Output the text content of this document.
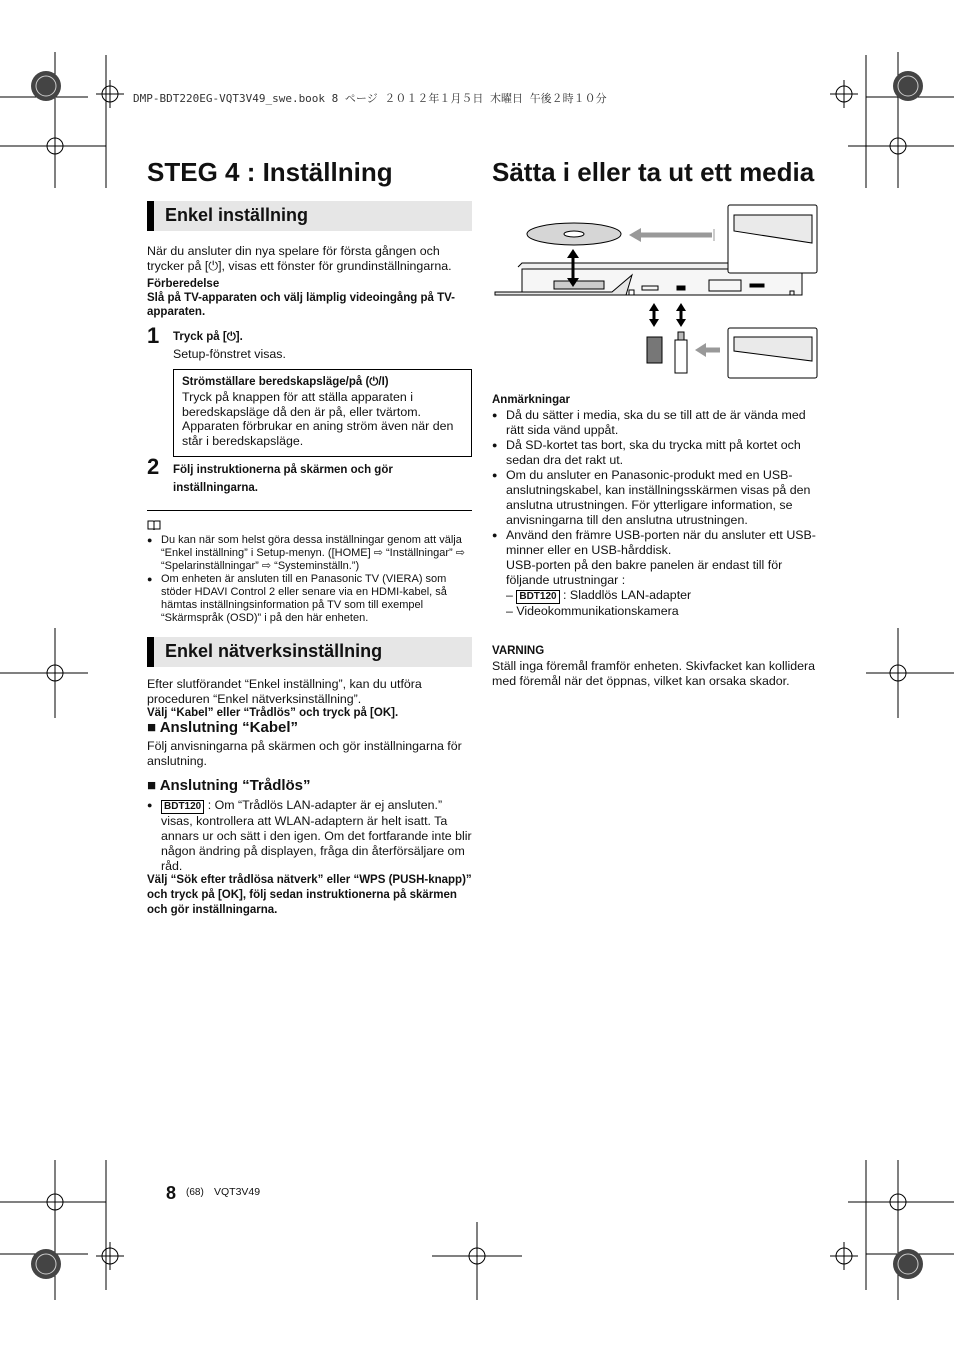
DMP-BDT220EG-VQT3V49_swe.book 8 ページ ２０１２年１月５日 木曜日 午後２時１０分
STEG 4 : Inställning
Enkel inställning
När du ansluter din nya spelare för första gången och trycker på [⏻], visas ett fönster för grundinställningarna.
Förberedelse
Slå på TV-apparaten och välj lämplig videoingång på TV-apparaten.
1 Tryck på [⏻].
Setup-fönstret visas.
Strömställare beredskapsläge/på (⏻/I)
Tryck på knappen för att ställa apparaten i beredskapsläge då den är på, eller tvärtom. Apparaten förbrukar en aning ström även när den står i beredskapsläge.
2 Följ instruktionerna på skärmen och gör inställningarna.
● Du kan när som helst göra dessa inställningar genom att välja “Enkel inställning” i Setup-menyn. ([HOME] ⇨ “Inställningar” ⇨ “Spelarinställningar” ⇨ “Systeminställn.”)
● Om enheten är ansluten till en Panasonic TV (VIERA) som stöder HDAVI Control 2 eller senare via en HDMI-kabel, så hämtas inställningsinformation på TV som till exempel “Skärmspråk (OSD)” i på den här enheten.
Enkel nätverksinställning
Efter slutförandet “Enkel inställning”, kan du utföra proceduren “Enkel nätverksinställning”.
Välj “Kabel” eller “Trådlös” och tryck på [OK].
■ Anslutning “Kabel”
Följ anvisningarna på skärmen och gör inställningarna för anslutning.
■ Anslutning “Trådlös”
● BDT120 : Om “Trådlös LAN-adapter är ej ansluten.” visas, kontrollera att WLAN-adaptern är helt isatt. Ta annars ur och sätt i den igen. Om det fortfarande inte blir någon ändring på displayen, fråga din återförsäljare om råd.
Välj “Sök efter trådlösa nätverk” eller “WPS (PUSH-knapp)” och tryck på [OK], följ sedan instruktionerna på skärmen och gör inställningarna.
Sätta i eller ta ut ett media
Anmärkningar
● Då du sätter i media, ska du se till att de är vända med rätt sida vänd uppåt.
● Då SD-kortet tas bort, ska du trycka mitt på kortet och sedan dra det rakt ut.
● Om du ansluter en Panasonic-produkt med en USB-anslutningskabel, kan inställningsskärmen visas på den anslutna utrustningen. För ytterligare information, se anvisningarna till den anslutna utrustningen.
● Använd den främre USB-porten när du ansluter ett USB-minner eller en USB-hårddisk.
USB-porten på den bakre panelen är endast till för följande utrustningar :
– BDT120 : Sladdlös LAN-adapter
– Videokommunikationskamera
VARNING
Ställ inga föremål framför enheten. Skivfacket kan kollidera med föremål när det öppnas, vilket kan orsaka skador.
8 (68) VQT3V49
